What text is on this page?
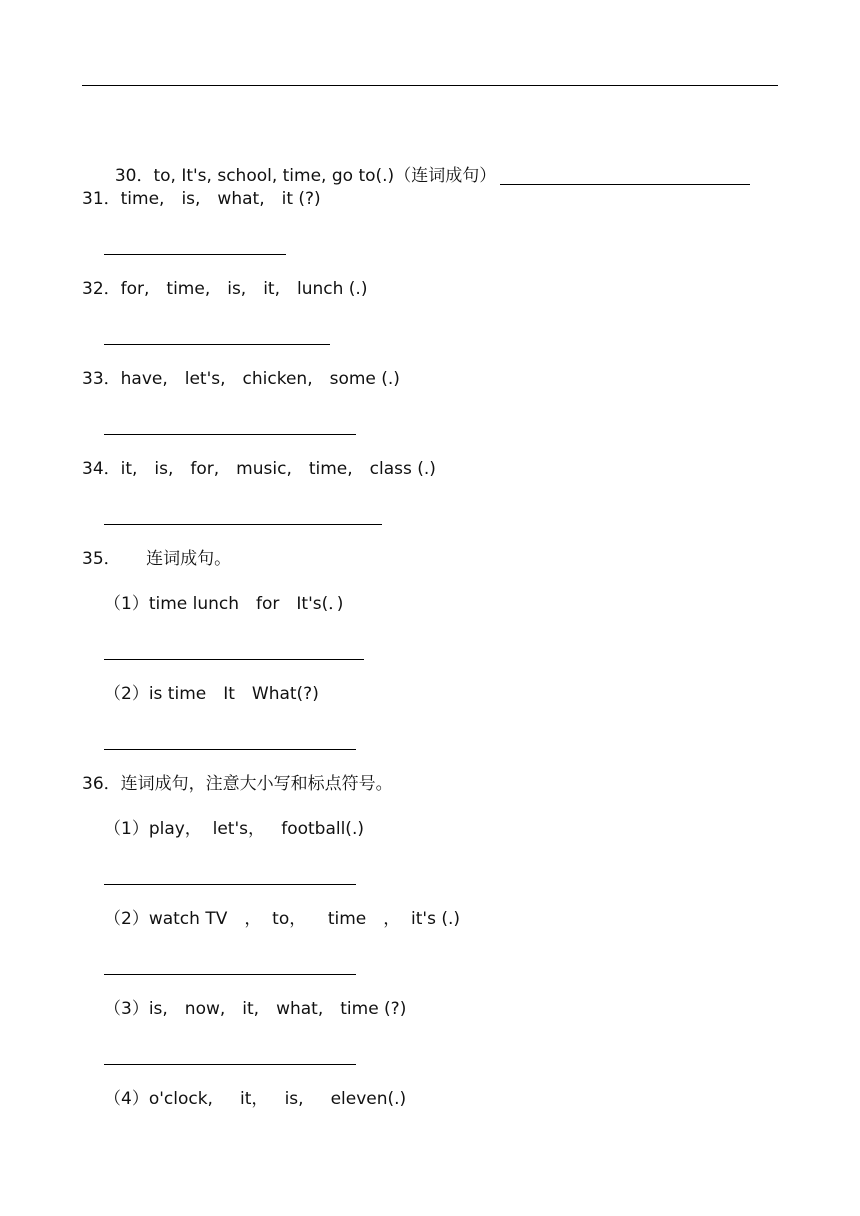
30．to, It's, school, time, go to(.)（连词成句）

31．time,　is,　what,　it (?)
32．for,　time,　is,　it,　lunch (.)
33．have,　let's,　chicken,　some (.)
34．it,　is,　for,　music,　time,　class (.)
35．　　连词成句。
（1）time lunch　for　It's(．)
（2）is time　It　What(?)
36．连词成句，注意大小写和标点符号。
（1）play，  let's，   football(.)
（2）watch TV　，  to，    time　，  it's (.)
（3）is,　now,　it,　what,　time (?)
（4）o'clock,     it，   is,     eleven(.)
